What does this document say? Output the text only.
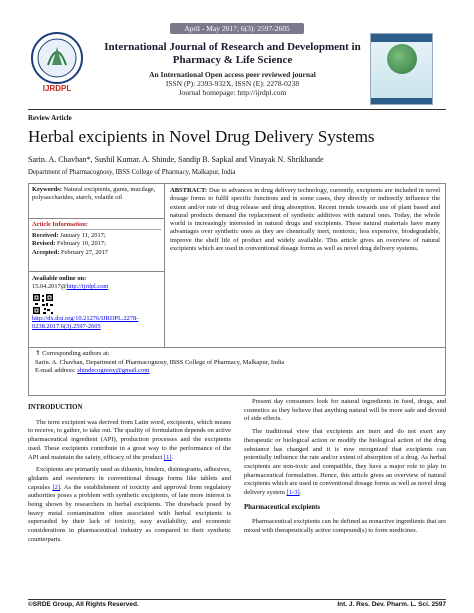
April - May 2017; 6(3): 2597-2605
IJRDPL
International Journal of Research and Development in Pharmacy & Life Science
An International Open access peer reviewed journal
ISSN (P): 2393-932X, ISSN (E): 2278-0238
Journal homepage: http://ijrdpl.com
Review Article
Herbal excipients in Novel Drug Delivery Systems
Sarin. A. Chavhan*, Sushil Kumar. A. Shinde, Sandip B. Sapkal and Vinayak N. Shrikhande
Department of Pharmacognosy, IBSS College of Pharmacy, Malkapur, India
Keywords: Natural excipients, gums, mucilage, polysaccharides, starch, volatile oil
Article Information:
Received: January 11, 2017;
Revised: February 10, 2017;
Accepted: February 27, 2017
Available online on:
15.04.2017@http://ijrdpl.com
http://dx.doi.org/10.21276/IJRDPL.2278-0238.2017.6(3).2597-2605
ABSTRACT: Due to advances in drug delivery technology, currently, excipients are included in novel dosage forms to fulfil specific functions and in some cases, they directly or indirectly influence the extent and/or rate of drug release and drug absorption. Recent trends towards use of plant based and natural products demand the replacement of synthetic additives with natural ones. Today, the whole world is increasingly interested in natural drugs and excipients. These natural materials have many advantages over synthetic ones as they are chemically inert, nontoxic, less expensive, biodegradable, improve the shelf life of product and widely available. This article gives an overview of natural excipients which are used in conventional dosage forms as well as novel drug delivery systems.
⇑ Corresponding authors at:
Sarin. A. Chavhan, Department of Pharmacognosy, IBSS College of Pharmacy, Malkapur, India
E-mail address: shindecognosy@gmail.com
INTRODUCTION
The term excipient was derived from Latin word, excipients, which means to receive, to gather, to take out. The quality of formulation depends on active pharmaceutical ingredient (API), production processes and the excipients used. These excipients contribute in a great way to the performance of the API and maintain the safety, efficacy of the product [1].
Excipients are primarily used as diluents, binders, disintegrants, adhesives, glidants and sweeteners in conventional dosage forms like tablets and capsules [2]. As the establishment of toxicity and approval from regulatory authorities poses a problem with synthetic excipients, of late more interest is being shown by researchers in herbal excipients. The drawback posed by heavy metal contamination often associated with herbal excipients is superseded by their lack of toxicity, easy availability, and economic considerations in pharmaceutical industry as compared to their synthetic counterparts.
Present day consumers look for natural ingredients in food, drugs, and cosmetics as they believe that anything natural will be more safe and devoid of side effects.
The traditional view that excipients are inert and do not exert any therapeutic or biological action or modify the biological action of the drug substance has changed and it is now recognized that excipients can potentially influence the rate and/or extent of absorption of a drug. As herbal excipients are non-toxic and compatible, they have a major role to play in pharmaceutical formulation. Hence, this article gives an overview of natural excipients which are used in conventional dosage forms as well as novel drug delivery system [1-3].
Pharmaceutical excipients
Pharmaceutical excipients can be defined as nonactive ingredients that are mixed with therapeutically active compound(s) to form medicines.
©SRDE Group, All Rights Reserved.	Int. J. Res. Dev. Pharm. L. Sci. 2597
